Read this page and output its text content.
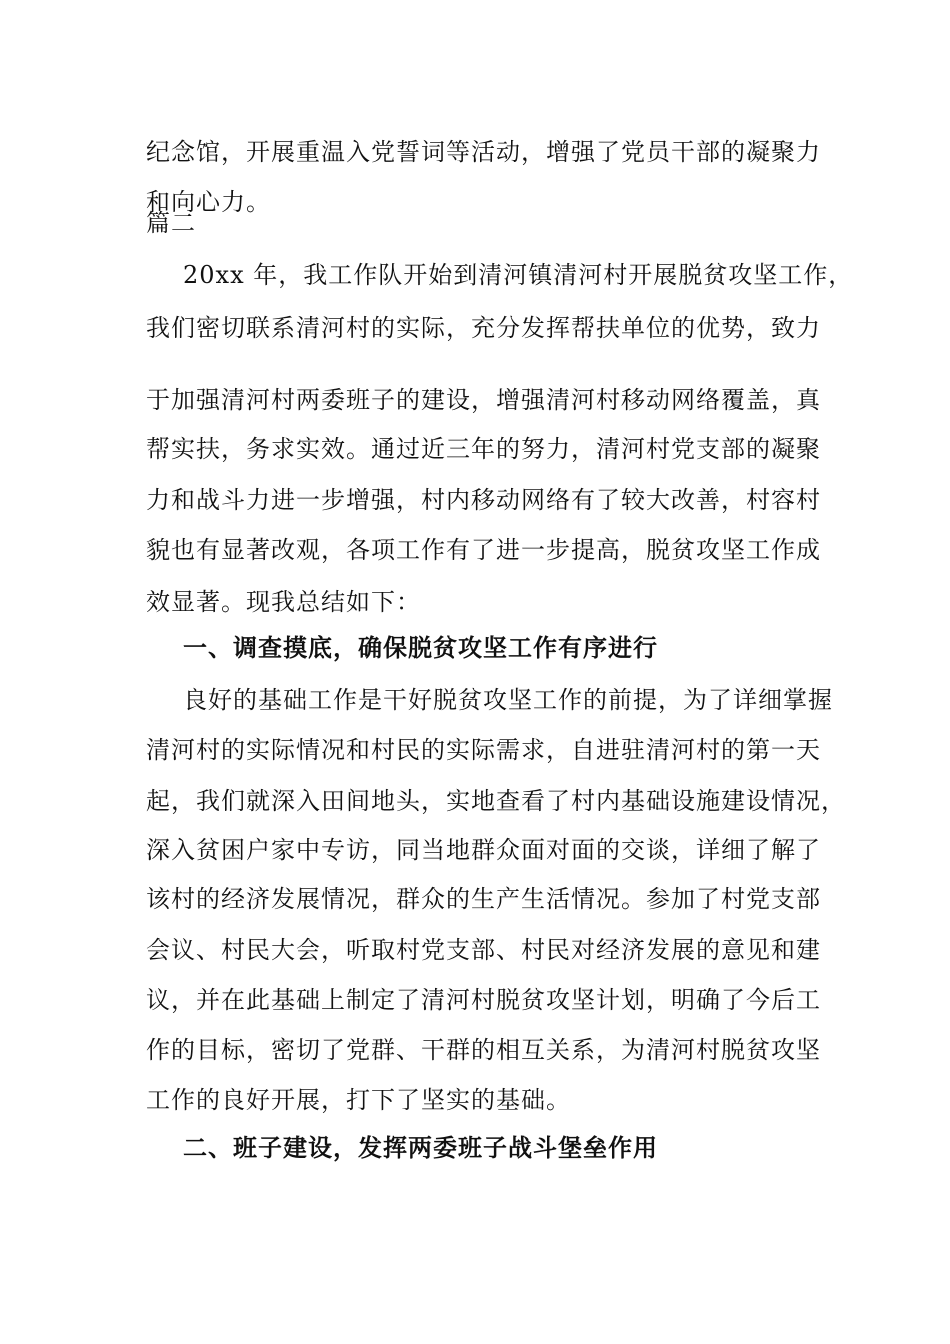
纪念馆，开展重温入党誓词等活动，增强了党员干部的凝聚力
和向心力。
篇二
20xx 年，我工作队开始到清河镇清河村开展脱贫攻坚工作，
我们密切联系清河村的实际，充分发挥帮扶单位的优势，致力
于加强清河村两委班子的建设，增强清河村移动网络覆盖，真
帮实扶，务求实效。通过近三年的努力，清河村党支部的凝聚
力和战斗力进一步增强，村内移动网络有了较大改善，村容村
貌也有显著改观，各项工作有了进一步提高，脱贫攻坚工作成
效显著。现我总结如下：
一、调查摸底，确保脱贫攻坚工作有序进行
良好的基础工作是干好脱贫攻坚工作的前提，为了详细掌握
清河村的实际情况和村民的实际需求，自进驻清河村的第一天
起，我们就深入田间地头，实地查看了村内基础设施建设情况，
深入贫困户家中专访，同当地群众面对面的交谈，详细了解了
该村的经济发展情况，群众的生产生活情况。参加了村党支部
会议、村民大会，听取村党支部、村民对经济发展的意见和建
议，并在此基础上制定了清河村脱贫攻坚计划，明确了今后工
作的目标，密切了党群、干群的相互关系，为清河村脱贫攻坚
工作的良好开展，打下了坚实的基础。
二、班子建设，发挥两委班子战斗堡垒作用
